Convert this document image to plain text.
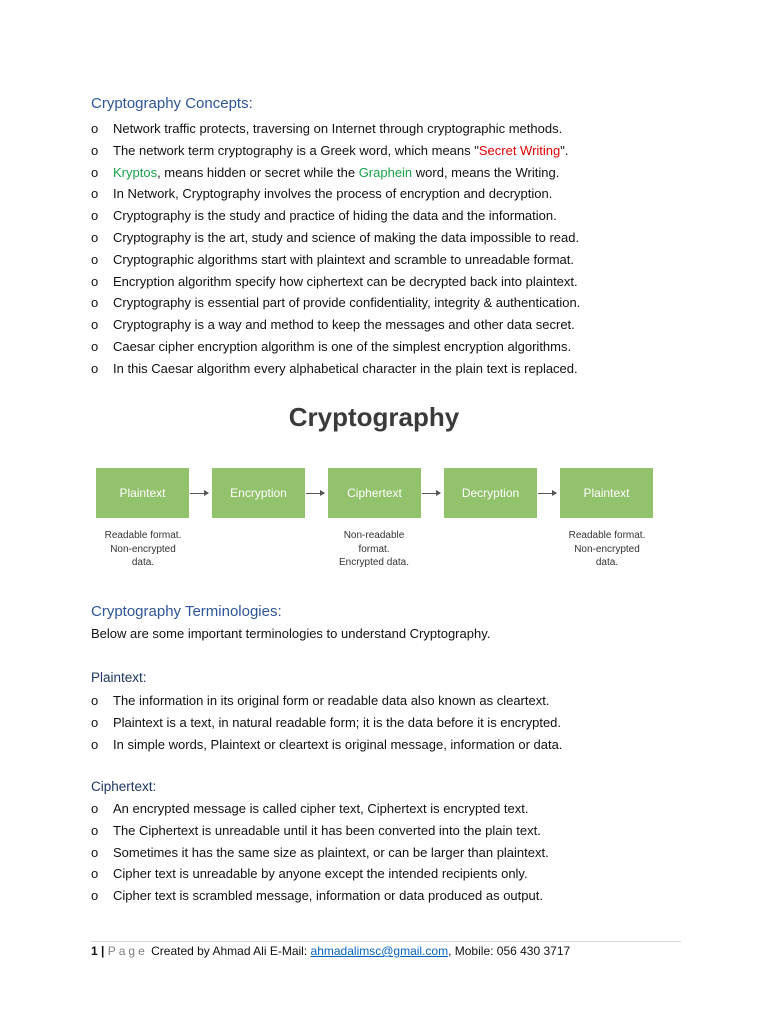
Cryptography Concepts:
o Network traffic protects, traversing on Internet through cryptographic methods.
o The network term cryptography is a Greek word, which means "Secret Writing".
o Kryptos, means hidden or secret while the Graphein word, means the Writing.
o In Network, Cryptography involves the process of encryption and decryption.
o Cryptography is the study and practice of hiding the data and the information.
o Cryptography is the art, study and science of making the data impossible to read.
o Cryptographic algorithms start with plaintext and scramble to unreadable format.
o Encryption algorithm specify how ciphertext can be decrypted back into plaintext.
o Cryptography is essential part of provide confidentiality, integrity & authentication.
o Cryptography is a way and method to keep the messages and other data secret.
o Caesar cipher encryption algorithm is one of the simplest encryption algorithms.
o In this Caesar algorithm every alphabetical character in the plain text is replaced.
Cryptography
Plaintext	Encryption	Ciphertext	Decryption	Plaintext
Readable format.
Non-encrypted
data.
Non-readable
format.
Encrypted data.
Readable format.
Non-encrypted
data.
Cryptography Terminologies:

Below are some important terminologies to understand Cryptography.

Plaintext:
o The information in its original form or readable data also known as cleartext.
o Plaintext is a text, in natural readable form; it is the data before it is encrypted.
o In simple words, Plaintext or cleartext is original message, information or data.
Ciphertext:
o An encrypted message is called cipher text, Ciphertext is encrypted text.
o The Ciphertext is unreadable until it has been converted into the plain text.
o Sometimes it has the same size as plaintext, or can be larger than plaintext.
o Cipher text is unreadable by anyone except the intended recipients only.
o Cipher text is scrambled message, information or data produced as output.
1 | Page Created by Ahmad Ali E-Mail: ahmadalimsc@gmail.com, Mobile: 056 430 3717
